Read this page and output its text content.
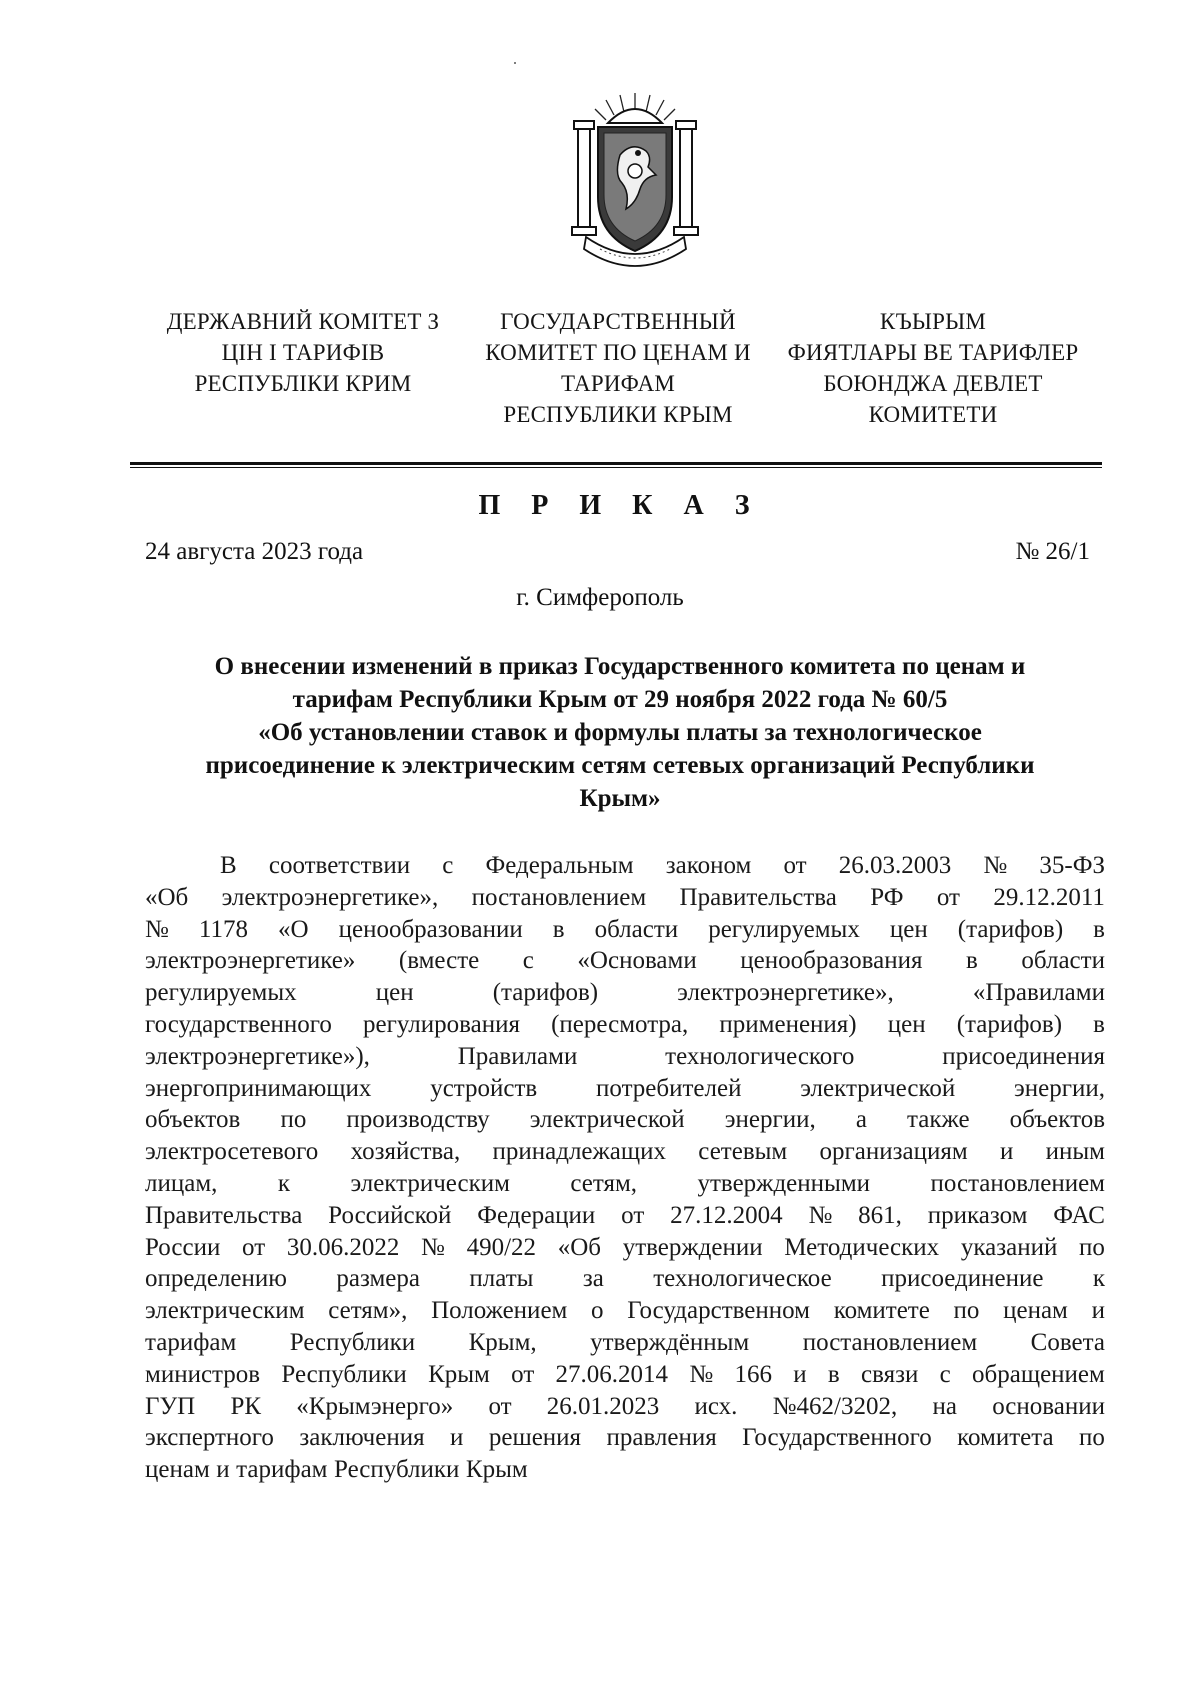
ДЕРЖАВНИЙ КОМІТЕТ З
ЦІН І ТАРИФІВ
РЕСПУБЛІКИ КРИМ
ГОСУДАРСТВЕННЫЙ
КОМИТЕТ ПО ЦЕНАМ И
ТАРИФАМ
РЕСПУБЛИКИ КРЫМ
КЪЫРЫМ
ФИЯТЛАРЫ ВЕ ТАРИФЛЕР
БОЮНДЖА ДЕВЛЕТ
КОМИТЕТИ
П Р И К А З
24 августа 2023 года	№ 26/1
г. Симферополь
О внесении изменений в приказ Государственного комитета по ценам и
тарифам Республики Крым от 29 ноября 2022 года № 60/5
«Об установлении ставок и формулы платы за технологическое
присоединение к электрическим сетям сетевых организаций Республики
Крым»
В соответствии с Федеральным законом от 26.03.2003 № 35-ФЗ
«Об электроэнергетике», постановлением Правительства РФ от 29.12.2011
№ 1178 «О ценообразовании в области регулируемых цен (тарифов) в
электроэнергетике» (вместе с «Основами ценообразования в области
регулируемых	цен	(тарифов)	электроэнергетике»,	«Правилами
государственного регулирования (пересмотра, применения) цен (тарифов) в
электроэнергетике»),	Правилами	технологического	присоединения
энергопринимающих устройств потребителей электрической энергии,
объектов по производству электрической энергии, а также объектов
электросетевого хозяйства, принадлежащих сетевым организациям и иным
лицам, к электрическим сетям, утвержденными постановлением
Правительства Российской Федерации от 27.12.2004 № 861, приказом ФАС
России от 30.06.2022 № 490/22 «Об утверждении Методических указаний по
определению размера платы за технологическое присоединение к
электрическим сетям», Положением о Государственном комитете по ценам и
тарифам Республики Крым, утверждённым постановлением Совета
министров Республики Крым от 27.06.2014 № 166 и в связи с обращением
ГУП РК «Крымэнерго» от 26.01.2023 исх. №462/3202, на основании
экспертного заключения и решения правления Государственного комитета по
ценам и тарифам Республики Крым
